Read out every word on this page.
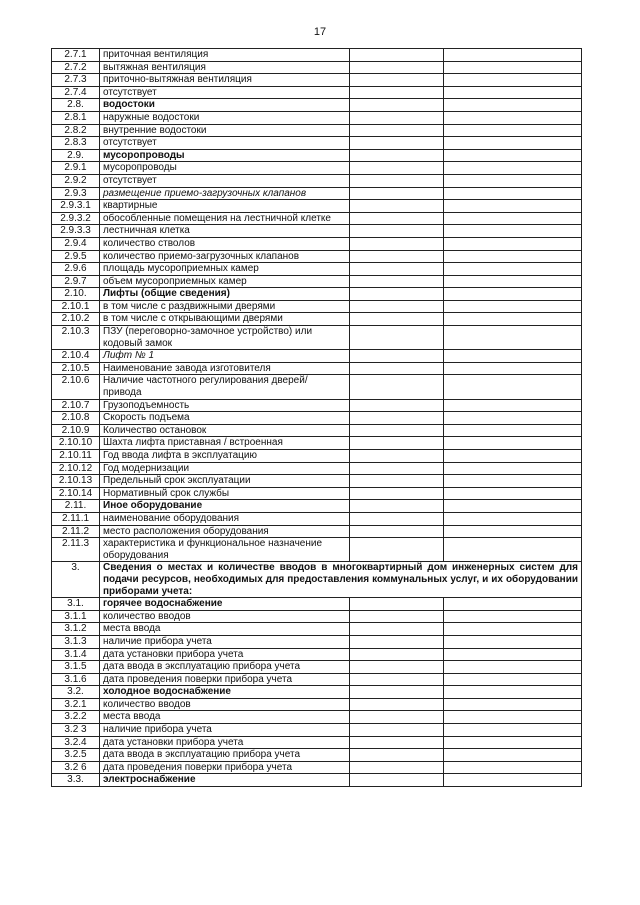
17
2.7.1	приточная вентиляция		
2.7.2	вытяжная вентиляция		
2.7.3	приточно-вытяжная вентиляция		
2.7.4	отсутствует		
2.8.	водостоки		
2.8.1	наружные водостоки		
2.8.2	внутренние водостоки		
2.8.3	отсутствует		
2.9.	мусоропроводы		
2.9.1	мусоропроводы		
2.9.2	отсутствует		
2.9.3	размещение приемо-загрузочных клапанов		
2.9.3.1	квартирные		
2.9.3.2	обособленные помещения на лестничной клетке		
2.9.3.3	лестничная клетка		
2.9.4	количество стволов		
2.9.5	количество приемо-загрузочных клапанов		
2.9.6	площадь мусороприемных камер		
2.9.7	объем мусороприемных камер		
2.10.	Лифты (общие сведения)		
2.10.1	в том числе с раздвижными дверями		
2.10.2	в том числе с открывающими дверями		
2.10.3	ПЗУ (переговорно-замочное устройство) или кодовый замок		
2.10.4	Лифт № 1		
2.10.5	Наименование завода изготовителя		
2.10.6	Наличие частотного регулирования дверей/привода		
2.10.7	Грузоподъемность		
2.10.8	Скорость подъема		
2.10.9	Количество остановок		
2.10.10	Шахта лифта приставная / встроенная		
2.10.11	Год ввода лифта в эксплуатацию		
2.10.12	Год модернизации		
2.10.13	Предельный срок эксплуатации		
2.10.14	Нормативный срок службы		
2.11.	Иное оборудование		
2.11.1	наименование оборудования		
2.11.2	место расположения оборудования		
2.11.3	характеристика и функциональное назначение оборудования		
3.	Сведения о местах и количестве вводов в многоквартирный дом инженерных систем для подачи ресурсов, необходимых для предоставления коммунальных услуг, и их оборудовании приборами учета:		
3.1.	горячее водоснабжение		
3.1.1	количество вводов		
3.1.2	места ввода		
3.1.3	наличие прибора учета		
3.1.4	дата установки прибора учета		
3.1.5	дата ввода в эксплуатацию прибора учета		
3.1.6	дата проведения поверки прибора учета		
3.2.	холодное водоснабжение		
3.2.1	количество вводов		
3.2.2	места ввода		
3.2 3	наличие прибора учета		
3.2.4	дата установки прибора учета		
3.2.5	дата ввода в эксплуатацию прибора учета		
3.2 6	дата проведения поверки прибора учета		
3.3.	электроснабжение		
